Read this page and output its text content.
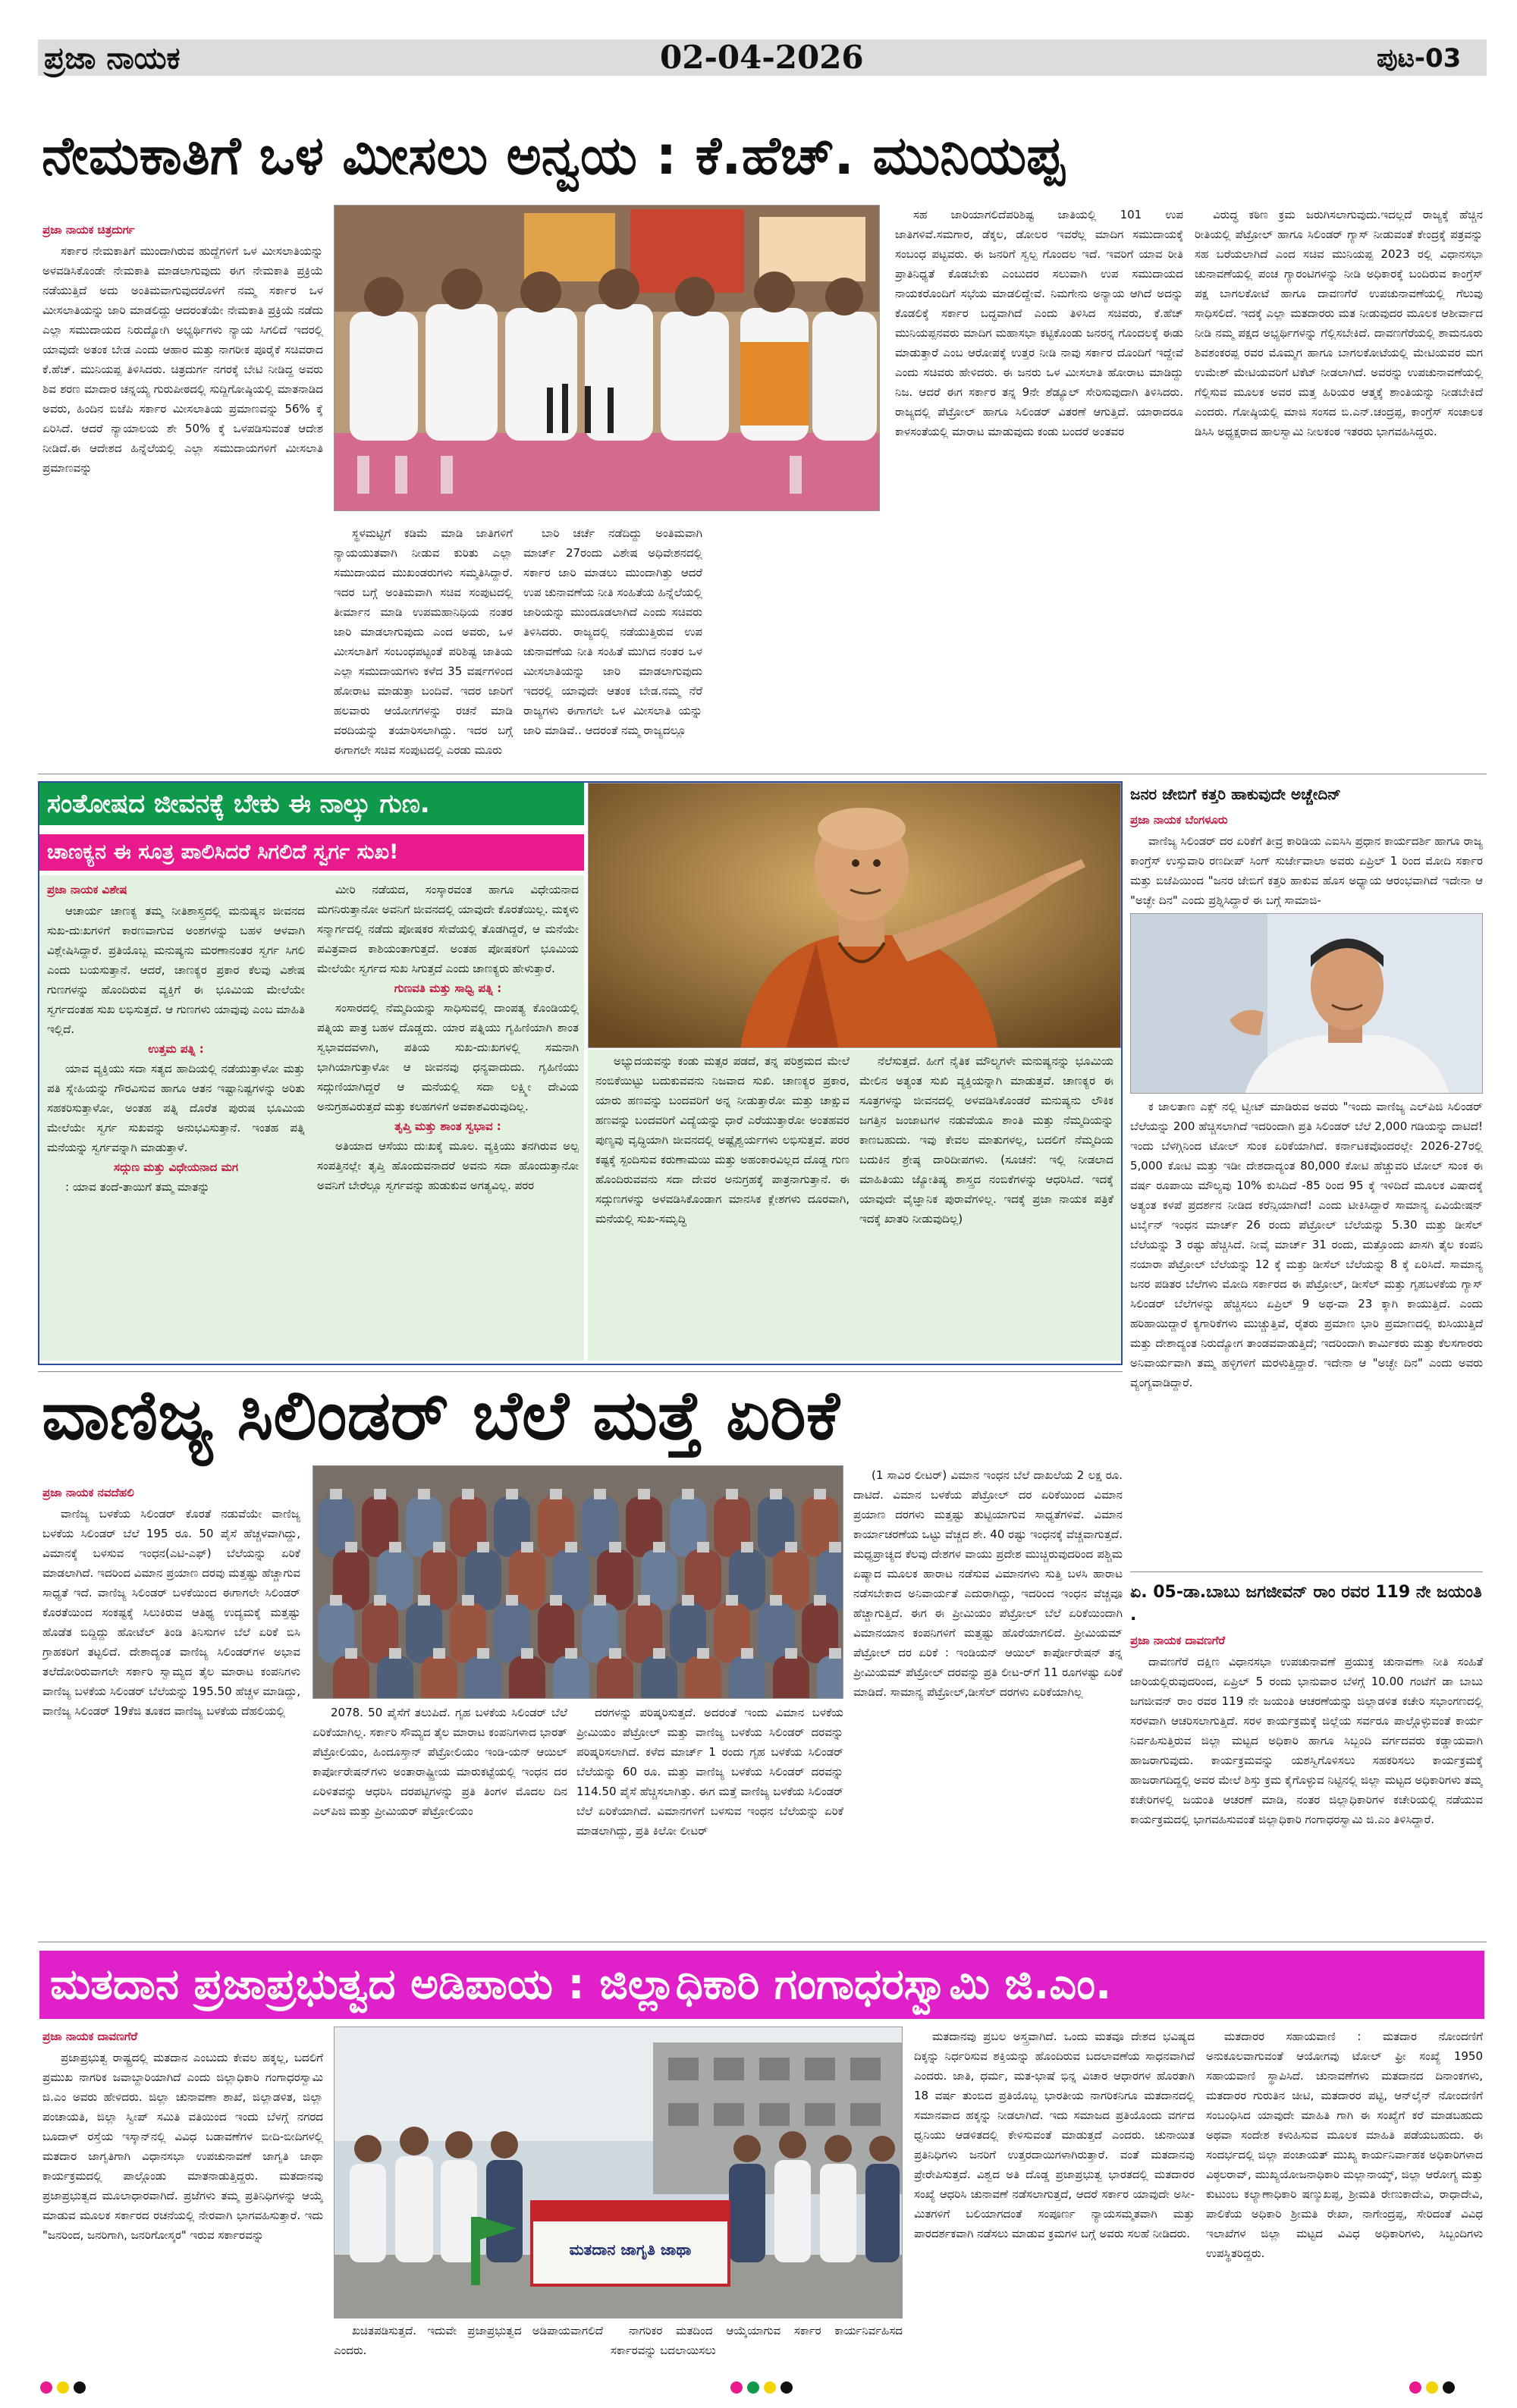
ಪ್ರಜಾ ನಾಯಕ	02-04-2026	ಪುಟ-03
ನೇಮಕಾತಿಗೆ ಒಳ ಮೀಸಲು ಅನ್ವಯ : ಕೆ.ಹೆಚ್. ಮುನಿಯಪ್ಪ
ಪ್ರಜಾ ನಾಯಕ ಚಿತ್ರದುರ್ಗ

ಸರ್ಕಾರ ನೇಮಕಾತಿಗೆ ಮುಂದಾಗಿರುವ ಹುದ್ದೆಗಳಿಗೆ ಒಳ ಮೀಸಲಾತಿಯನ್ನು ಅಳವಡಿಸಿಕೊಂಡೇ ನೇಮಕಾತಿ ಮಾಡಲಾಗುವುದು ಈಗ ನೇಮಕಾತಿ ಪ್ರಕ್ರಿಯೆ ನಡೆಯುತ್ತಿದೆ ಅದು ಅಂತಿಮವಾಗುವುದರೊಳಗೆ ನಮ್ಮ ಸರ್ಕಾರ ಒಳ ಮೀಸಲಾತಿಯನ್ನು ಜಾರಿ ಮಾಡಲಿದ್ದು ಆದರಂತೆಯೇ ನೇಮಕಾತಿ ಪ್ರಕ್ರಿಯೆ ನಡೆದು ಎಲ್ಲಾ ಸಮುದಾಯದ ನಿರುದ್ಯೋಗಿ ಅಭ್ಯರ್ಥಿಗಳು ನ್ಯಾಯ ಸಿಗಲಿದೆ ಇದರಲ್ಲಿ ಯಾವುದೇ ಅತಂಕ ಬೇಡ ಎಂದು ಆಹಾರ ಮತ್ತು ನಾಗರೀಕ ಪೂರೈಕೆ ಸಚಿವರಾದ ಕೆ.ಹೆಚ್. ಮುನಿಯಪ್ಪ ತಿಳಿಸಿದರು. ಚಿತ್ರದುರ್ಗ ನಗರಕ್ಕೆ ಬೇಟಿ ನೀಡಿದ್ದ ಅವರು ಶಿವ ಶರಣ ಮಾದಾರ ಚನ್ನಯ್ಯ ಗುರುಪೀಠದಲ್ಲಿ ಸುದ್ದಿಗೋಷ್ಠಿಯಲ್ಲಿ ಮಾತನಾಡಿದ ಅವರು, ಹಿಂದಿನ ಬಿಜೆಪಿ ಸರ್ಕಾರ ಮೀಸಲಾತಿಯ ಪ್ರಮಾಣವನ್ನು 56% ಕ್ಕೆ ಏರಿಸಿದೆ. ಆದರೆ ನ್ಯಾಯಾಲಯ ಶೇ 50% ಕ್ಕೆ ಒಳಪಡಿಸುವಂತೆ ಆದೇಶ ನೀಡಿದೆ.ಈ ಆದೇಶದ ಹಿನ್ನೆಲೆಯಲ್ಲಿ ಎಲ್ಲಾ ಸಮುದಾಯಗಳಿಗೆ ಮೀಸಲಾತಿ ಪ್ರಮಾಣವನ್ನು

ಸ್ಥಳಮಟ್ಟಿಗೆ ಕಡಿಮೆ ಮಾಡಿ ಜಾತಿಗಳಿಗೆ ನ್ಯಾಯಯುತವಾಗಿ ನೀಡುವ ಕುರಿತು ಎಲ್ಲಾ ಸಮುದಾಯದ ಮುಖಂಡರುಗಳು ಸಮ್ಮತಿಸಿದ್ದಾರೆ. ಇದರ ಬಗ್ಗೆ ಅಂತಿಮವಾಗಿ ಸಚಿವ ಸಂಪುಟದಲ್ಲಿ ತೀರ್ಮಾನ ಮಾಡಿ ಉಪಮಹಾನಿಧಿಯ ನಂತರ ಜಾರಿ ಮಾಡಲಾಗುವುದು ಎಂದ ಅವರು, ಒಳ ಮೀಸಲಾತಿಗೆ ಸಂಬಂಧಪಟ್ಟಂತೆ ಪರಿಶಿಷ್ಟ ಜಾತಿಯ ಎಲ್ಲಾ ಸಮುದಾಯಗಳು ಕಳೆದ 35 ವರ್ಷಗಳಿಂದ ಹೋರಾಟ ಮಾಡುತ್ತಾ ಬಂದಿವೆ. ಇದರ ಜಾರಿಗೆ ಹಲವಾರು ಆಯೋಗಗಳನ್ನು ರಚನೆ ಮಾಡಿ ವರದಿಯನ್ನು ತಯಾರಿಸಲಾಗಿದ್ದು. ಇದರ ಬಗ್ಗೆ ಈಗಾಗಲೇ ಸಚಿವ ಸಂಪುಟದಲ್ಲಿ ಎರಡು ಮೂರು

ಬಾರಿ ಚರ್ಚೆ ನಡೆದಿದ್ದು ಅಂತಿಮವಾಗಿ ಮಾರ್ಚ್ 27ರಂದು ವಿಶೇಷ ಅಧಿವೇಶನದಲ್ಲಿ ಸರ್ಕಾರ ಜಾರಿ ಮಾಡಲು ಮುಂದಾಗಿತ್ತು ಆದರೆ ಉಪ ಚುನಾವಣೆಯ ನೀತಿ ಸಂಹಿತೆಯ ಹಿನ್ನೆಲೆಯಲ್ಲಿ ಜಾರಿಯನ್ನು ಮುಂದೂಡಲಾಗಿದೆ ಎಂದು ಸಚಿವರು ತಿಳಿಸಿದರು. ರಾಜ್ಯದಲ್ಲಿ ನಡೆಯುತ್ತಿರುವ ಉಪ ಚುನಾವಣೆಯ ನೀತಿ ಸಂಹಿತೆ ಮುಗಿದ ನಂತರ ಒಳ ಮೀಸಲಾತಿಯನ್ನು ಜಾರಿ ಮಾಡಲಾಗುವುದು ಇದರಲ್ಲಿ ಯಾವುದೇ ಆತಂಕ ಬೇಡ.ನಮ್ಮ ನೆರೆ ರಾಜ್ಯಗಳು ಈಗಾಗಲೇ ಒಳ ಮೀಸಲಾತಿ ಯನ್ನು ಜಾರಿ ಮಾಡಿವೆ.. ಆದರಂತೆ ನಮ್ಮ ರಾಜ್ಯದಲ್ಲೂ

ಸಹ ಜಾರಿಯಾಗಲಿದೆಪರಿಶಿಷ್ಟ ಜಾತಿಯಲ್ಲಿ 101 ಉಪ ಜಾತಿಗಳಿವೆ.ಸಮಗಾರ, ಡೆಕ್ಕಲ, ಡೋಲರ ಇವರೆಲ್ಲ ಮಾದಿಗ ಸಮುದಾಯಕ್ಕೆ ಸಂಬಂಧ ಪಟ್ಟವರು. ಈ ಜನರಿಗೆ ಸ್ವಲ್ಪ ಗೊಂದಲ ಇದೆ. ಇವರಿಗೆ ಯಾವ ರೀತಿ ಪ್ರಾತಿನಿಧ್ಯತೆ ಕೊಡಬೇಕು ಎಂಬುದರ ಸಲುವಾಗಿ ಉಪ ಸಮುದಾಯದ ನಾಯಕರೊಂದಿಗೆ ಸಭೆಯ ಮಾಡಲಿದ್ದೇವೆ. ನಿಮಗೇನು ಅನ್ಯಾಯ ಆಗಿದೆ ಅದನ್ನು ಕೊಡಲಿಕ್ಕೆ ಸರ್ಕಾರ ಬದ್ಧವಾಗಿದೆ ಎಂದು ತಿಳಿಸಿದ ಸಚಿವರು, ಕೆ.ಹೆಚ್ ಮುನಿಯಪ್ಪನವರು ಮಾದಿಗ ಮಹಾಸಭಾ ಕಟ್ಟಿಕೊಂಡು ಜನರನ್ನ ಗೊಂದಲಕ್ಕೆ ಈಡು ಮಾಡುತ್ತಾರೆ ಎಂಬ ಆರೋಪಕ್ಕೆ ಉತ್ತರ ನೀಡಿ ನಾವು ಸರ್ಕಾರ ದೊಂದಿಗೆ ಇದ್ದೇವೆ ಎಂದು ಸಚಿವರು ಹೇಳಿದರು. ಈ ಜನರು ಒಳ ಮೀಸಲಾತಿ ಹೋರಾಟ ಮಾಡಿದ್ದು ನಿಜ. ಆದರೆ ಈಗ ಸರ್ಕಾರ ತನ್ನ 9ನೇ ಶೆಡ್ಯೂಲ್ ಸೇರಿಸುವುದಾಗಿ ತಿಳಿಸಿದರು. ರಾಜ್ಯದಲ್ಲಿ ಪೆಟ್ರೋಲ್ ಹಾಗೂ ಸಿಲಿಂಡರ್ ವಿತರಣೆ ಆಗುತ್ತಿದೆ. ಯಾರಾದರೂ ಕಾಳಸಂತೆಯಲ್ಲಿ ಮಾರಾಟ ಮಾಡುವುದು ಕಂಡು ಬಂದರೆ ಅಂತವರ

ವಿರುದ್ಧ ಕಠಿಣ ಕ್ರಮ ಜರುಗಿಸಲಾಗುವುದು.ಇದಲ್ಲದೆ ರಾಜ್ಯಕ್ಕೆ ಹೆಚ್ಚಿನ ರೀತಿಯಲ್ಲಿ ಪೆಟ್ರೋಲ್ ಹಾಗೂ ಸಿಲಿಂಡರ್ ಗ್ಯಾಸ್ ನೀಡುವಂತೆ ಕೇಂದ್ರಕ್ಕೆ ಪತ್ರವನ್ನು ಸಹ ಬರೆಯಲಾಗಿದೆ ಎಂದ ಸಚಿವ ಮುನಿಯಪ್ಪ 2023 ರಲ್ಲಿ ವಿಧಾನಸಭಾ ಚುನಾವಣೆಯಲ್ಲಿ ಪಂಚ ಗ್ಯಾರಂಟಿಗಳನ್ನು ನೀಡಿ ಅಧಿಕಾರಕ್ಕೆ ಬಂದಿರುವ ಕಾಂಗ್ರೆಸ್ ಪಕ್ಷ ಬಾಗಲಕೋಟೆ ಹಾಗೂ ದಾವಣಗೆರೆ ಉಪಚುನಾವಣೆಯಲ್ಲಿ ಗೆಲುವು ಸಾಧಿಸಲಿದೆ. ಇದಕ್ಕೆ ಎಲ್ಲಾ ಮತದಾರರು ಮತ ನೀಡುವುದರ ಮೂಲಕ ಆಶೀರ್ವಾದ ನೀಡಿ ನಮ್ಮ ಪಕ್ಷದ ಅಭ್ಯರ್ಥಿಗಳನ್ನು ಗೆಲ್ಲಿಸಬೇಕಿದೆ. ದಾವಣಗೆರೆಯಲ್ಲಿ ಶಾಮನೂರು ಶಿವಶಂಕರಪ್ಪ ರವರ ಮೊಮ್ಮಗ ಹಾಗೂ ಬಾಗಲಕೋಟೆಯಲ್ಲಿ ಮೇಟಿಯವರ ಮಗ ಉಮೇಶ್ ಮೇಟಿಯವರಿಗೆ ಟಿಕೆಟ್ ನೀಡಲಾಗಿದೆ. ಅವರನ್ನು ಉಪಚುನಾವಣೆಯಲ್ಲಿ ಗೆಲ್ಲಿಸುವ ಮೂಲಕ ಅವರ ಮತ್ತ ಹಿರಿಯರ ಆತ್ಮಕ್ಕೆ ಶಾಂತಿಯನ್ನು ನೀಡಬೇಕಿದೆ ಎಂದರು. ಗೋಷ್ಠಿಯಲ್ಲಿ ಮಾಜಿ ಸಂಸದ ಬಿ.ಎನ್.ಚಂದ್ರಪ್ಪ, ಕಾಂಗ್ರೆಸ್ ಸಂಚಾಲಕ ಡಿಸಿಸಿ ಅಧ್ಯಕ್ಷರಾದ ಹಾಲಸ್ವಾಮಿ ನೀಲಕಂಠ ಇತರರು ಭಾಗವಹಿಸಿದ್ದರು.

ಸಂತೋಷದ ಜೀವನಕ್ಕೆ ಬೇಕು ಈ ನಾಲ್ಕು ಗುಣ.
ಚಾಣಕ್ಯನ ಈ ಸೂತ್ರ ಪಾಲಿಸಿದರೆ ಸಿಗಲಿದೆ ಸ್ವರ್ಗ ಸುಖ!
ಪ್ರಜಾ ನಾಯಕ ವಿಶೇಷ

ಆಚಾರ್ಯ ಚಾಣಕ್ಯ ತಮ್ಮ ನೀತಿಶಾಸ್ತ್ರದಲ್ಲಿ ಮನುಷ್ಯನ ಜೀವನದ ಸುಖ-ದುಃಖಗಳಿಗೆ ಕಾರಣವಾಗುವ ಅಂಶಗಳನ್ನು ಬಹಳ ಆಳವಾಗಿ ವಿಶ್ಲೇಷಿಸಿದ್ದಾರೆ. ಪ್ರತಿಯೊಬ್ಬ ಮನುಷ್ಯನು ಮರಣಾನಂತರ ಸ್ವರ್ಗ ಸಿಗಲಿ ಎಂದು ಬಯಸುತ್ತಾನೆ. ಆದರೆ, ಚಾಣಕ್ಯರ ಪ್ರಕಾರ ಕೆಲವು ವಿಶೇಷ ಗುಣಗಳನ್ನು ಹೊಂದಿರುವ ವ್ಯಕ್ತಿಗೆ ಈ ಭೂಮಿಯ ಮೇಲೆಯೇ ಸ್ವರ್ಗದಂತಹ ಸುಖ ಲಭಿಸುತ್ತದೆ. ಆ ಗುಣಗಳು ಯಾವುವು ಎಂಬ ಮಾಹಿತಿ ಇಲ್ಲಿದೆ.

ಉತ್ತಮ ಪತ್ನಿ :

ಯಾವ ವ್ಯಕ್ತಿಯು ಸದಾ ಸತ್ಯದ ಹಾದಿಯಲ್ಲಿ ನಡೆಯುತ್ತಾಳೋ ಮತ್ತು ಪತಿ ಸ್ನೇಹಿಯನ್ನು ಗೌರವಿಸುವ ಹಾಗೂ ಆತನ ಇಷ್ಟಾನಿಷ್ಟಗಳನ್ನು ಅರಿತು ಸಹಕರಿಸುತ್ತಾಳೋ, ಅಂತಹ ಪತ್ನಿ ದೊರೆತ ಪುರುಷ ಭೂಮಿಯ ಮೇಲೆಯೇ ಸ್ವರ್ಗ ಸುಖವನ್ನು ಅನುಭವಿಸುತ್ತಾನೆ. ಇಂತಹ ಪತ್ನಿ ಮನೆಯನ್ನು ಸ್ವರ್ಗವನ್ನಾಗಿ ಮಾಡುತ್ತಾಳೆ.

ಸದ್ಗುಣ ಮತ್ತು ವಿಧೇಯನಾದ ಮಗ

: ಯಾವ ತಂದೆ-ತಾಯಿಗೆ ತಮ್ಮ ಮಾತನ್ನು

ಮೀರಿ ನಡೆಯದ, ಸಂಸ್ಕಾರವಂತ ಹಾಗೂ ವಿಧೇಯನಾದ ಮಗನಿರುತ್ತಾನೋ ಅವನಿಗೆ ಜೀವನದಲ್ಲಿ ಯಾವುದೇ ಕೊರತೆಯಿಲ್ಲ. ಮಕ್ಕಳು ಸನ್ಮಾರ್ಗದಲ್ಲಿ ನಡೆದು ಪೋಷಕರ ಸೇವೆಯಲ್ಲಿ ತೊಡಗಿದ್ದರೆ, ಆ ಮನೆಯೇ ಪವಿತ್ರವಾದ ಕಾಶಿಯಂತಾಗುತ್ತದೆ. ಅಂತಹ ಪೋಷಕರಿಗೆ ಭೂಮಿಯ ಮೇಲೆಯೇ ಸ್ವರ್ಗದ ಸುಖ ಸಿಗುತ್ತದೆ ಎಂದು ಚಾಣಕ್ಯರು ಹೇಳುತ್ತಾರೆ.

ಗುಣವತಿ ಮತ್ತು ಸಾಧ್ವಿ ಪತ್ನಿ :

ಸಂಸಾರದಲ್ಲಿ ನೆಮ್ಮದಿಯನ್ನು ಸಾಧಿಸುವಲ್ಲಿ ದಾಂಪತ್ಯ ಕೊಂಡಿಯಲ್ಲಿ ಪತ್ನಿಯ ಪಾತ್ರ ಬಹಳ ದೊಡ್ಡದು. ಯಾರ ಪತ್ನಿಯು ಗೃಹಿಣಿಯಾಗಿ ಶಾಂತ ಸ್ವಭಾವದವಳಾಗಿ, ಪತಿಯ ಸುಖ-ದುಃಖಗಳಲ್ಲಿ ಸಮನಾಗಿ ಭಾಗಿಯಾಗುತ್ತಾಳೋ ಆ ಜೀವನವು ಧನ್ಯವಾದುದು. ಗೃಹಿಣಿಯು ಸದ್ಗುಣಿಯಾಗಿದ್ದರೆ ಆ ಮನೆಯಲ್ಲಿ ಸದಾ ಲಕ್ಷ್ಮೀ ದೇವಿಯ ಅನುಗ್ರಹವಿರುತ್ತದೆ ಮತ್ತು ಕಲಹಗಳಿಗೆ ಅವಕಾಶವಿರುವುದಿಲ್ಲ.

ತೃಪ್ತಿ ಮತ್ತು ಶಾಂತ ಸ್ವಭಾವ :

ಅತಿಯಾದ ಆಸೆಯು ದುಃಖಕ್ಕೆ ಮೂಲ. ವ್ಯಕ್ತಿಯು ತನಗಿರುವ ಅಲ್ಪ ಸಂಪತ್ತಿನಲ್ಲೇ ತೃಪ್ತಿ ಹೊಂದುವನಾದರೆ ಅವನು ಸದಾ ಹೊಂದುತ್ತಾನೋ ಅವನಿಗೆ ಬೇರೆಲ್ಲೂ ಸ್ವರ್ಗವನ್ನು ಹುಡುಕುವ ಅಗತ್ಯವಿಲ್ಲ. ಪರರ

ಅಭ್ಯುದಯವನ್ನು ಕಂಡು ಮತ್ಸರ ಪಡದೆ, ತನ್ನ ಪರಿಶ್ರಮದ ಮೇಲೆ ನಂಬಿಕೆಯಿಟ್ಟು ಬದುಕುವವನು ನಿಜವಾದ ಸುಖಿ. ಚಾಣಕ್ಯರ ಪ್ರಕಾರ, ಯಾರು ಹಣವನ್ನು ಬಂದವರಿಗೆ ಅನ್ನ ನೀಡುತ್ತಾರೋ ಮತ್ತು ಚಾಕ್ಷುವ ಹಣವನ್ನು ಬಂದವರಿಗೆ ವಿದ್ಯೆಯನ್ನು ಧಾರೆ ಎರೆಯುತ್ತಾರೋ ಅಂತಹವರ ಪುಣ್ಯವು ವೃದ್ಧಿಯಾಗಿ ಜೀವನದಲ್ಲಿ ಅಷ್ಟೈಶ್ವರ್ಯಗಳು ಲಭಿಸುತ್ತವೆ. ಪರರ ಕಷ್ಟಕ್ಕೆ ಸ್ಪಂದಿಸುವ ಕರುಣಾಮಯಿ ಮತ್ತು ಅಹಂಕಾರವಿಲ್ಲದ ದೊಡ್ಡ ಗುಣ ಹೊಂದಿರುವವನು ಸದಾ ದೇವರ ಅನುಗ್ರಹಕ್ಕೆ ಪಾತ್ರನಾಗುತ್ತಾನೆ. ಈ ಸದ್ಗುಣಗಳನ್ನು ಅಳವಡಿಸಿಕೊಂಡಾಗ ಮಾನಸಿಕ ಕ್ಲೇಶಗಳು ದೂರವಾಗಿ, ಮನೆಯಲ್ಲಿ ಸುಖ-ಸಮೃದ್ಧಿ

ನೆಲೆಸುತ್ತದೆ. ಹೀಗೆ ನೈತಿಕ ಮೌಲ್ಯಗಳೇ ಮನುಷ್ಯನನ್ನು ಭೂಮಿಯ ಮೇಲಿನ ಅತ್ಯಂತ ಸುಖಿ ವ್ಯಕ್ತಿಯನ್ನಾಗಿ ಮಾಡುತ್ತವೆ. ಚಾಣಕ್ಯರ ಈ ಸೂತ್ರಗಳನ್ನು ಜೀವನದಲ್ಲಿ ಅಳವಡಿಸಿಕೊಂಡರೆ ಮನುಷ್ಯನು ಲೌಕಿಕ ಜಗತ್ತಿನ ಜಂಜಾಟಗಳ ನಡುವೆಯೂ ಶಾಂತಿ ಮತ್ತು ನೆಮ್ಮದಿಯನ್ನು ಕಾಣಬಹುದು. ಇವು ಕೇವಲ ಮಾತುಗಳಲ್ಲ, ಬದಲಿಗೆ ನೆಮ್ಮದಿಯ ಬದುಕಿನ ಶ್ರೇಷ್ಠ ದಾರಿದೀಪಗಳು. (ಸೂಚನೆ: ಇಲ್ಲಿ ನೀಡಲಾದ ಮಾಹಿತಿಯು ಜ್ಯೋತಿಷ್ಯ ಶಾಸ್ತ್ರದ ನಂಬಿಕೆಗಳನ್ನು ಆಧರಿಸಿದೆ. ಇದಕ್ಕೆ ಯಾವುದೇ ವೈಜ್ಞಾನಿಕ ಪುರಾವೆಗಳಿಲ್ಲ. ಇದಕ್ಕೆ ಪ್ರಜಾ ನಾಯಕ ಪತ್ರಿಕೆ ಇದಕ್ಕೆ ಖಾತರಿ ನೀಡುವುದಿಲ್ಲ)

ಜನರ ಜೇಬಿಗೆ ಕತ್ತರಿ ಹಾಕುವುದೇ ಅಚ್ಚೇದಿನ್
ಪ್ರಜಾ ನಾಯಕ ಬೆಂಗಳೂರು

ವಾಣಿಜ್ಯ ಸಿಲಿಂಡರ್ ದರ ಏರಿಕೆಗೆ ತೀವ್ರ ಕಾರಿಡಿಯ ಎಐಸಿಸಿ ಪ್ರಧಾನ ಕಾರ್ಯದರ್ಶಿ ಹಾಗೂ ರಾಜ್ಯ ಕಾಂಗ್ರೆಸ್ ಉಸ್ತುವಾರಿ ರಣದೀಪ್ ಸಿಂಗ್ ಸುರ್ಜೇವಾಲಾ ಅವರು ಏಪ್ರಿಲ್ 1 ರಿಂದ ಮೋದಿ ಸರ್ಕಾರ ಮತ್ತು ಬಿಜೆಪಿಯಿಂದ "ಜನರ ಜೇಬಿಗೆ ಕತ್ತರಿ ಹಾಕುವ ಹೊಸ ಅಧ್ಯಾಯ ಆರಂಭವಾಗಿದೆ ಇದೇನಾ ಆ "ಅಚ್ಛೇ ದಿನ" ಎಂದು ಪ್ರಶ್ನಿಸಿದ್ದಾರೆ ಈ ಬಗ್ಗೆ ಸಾಮಾಜಿ-

ಕ ಜಾಲತಾಣ ಎಕ್ಸ್ ನಲ್ಲಿ ಟ್ವೀಟ್ ಮಾಡಿರುವ ಅವರು "ಇಂದು ವಾಣಿಜ್ಯ ಎಲ್‌ಪಿಜಿ ಸಿಲಿಂಡರ್ ಬೆಲೆಯನ್ನು 200 ಹೆಚ್ಚಿಸಲಾಗಿದೆ ಇದರಿಂದಾಗಿ ಪ್ರತಿ ಸಿಲಿಂಡರ್ ಬೆಲೆ 2,000 ಗಡಿಯನ್ನು ದಾಟಿದೆ! ಇಂದು ಬೆಳಗ್ಗಿನಿಂದ ಟೋಲ್ ಸುಂಕ ಏರಿಕೆಯಾಗಿದೆ. ಕರ್ನಾಟಕವೊಂದರಲ್ಲೇ 2026-27ರಲ್ಲಿ 5,000 ಕೋಟಿ ಮತ್ತು ಇಡೀ ದೇಶದಾದ್ಯಂತ 80,000 ಕೋಟಿ ಹೆಚ್ಚುವರಿ ಟೋಲ್ ಸುಂಕ ಈ ವರ್ಷ ರೂಪಾಯಿ ಮೌಲ್ಯವು 10% ಕುಸಿದಿದೆ -85 ರಿಂದ 95 ಕ್ಕೆ ಇಳಿದಿದೆ ಮೂಲಕ ವಿಷಾದಕ್ಕೆ ಅತ್ಯಂತ ಕಳಪೆ ಪ್ರದರ್ಶನ ನೀಡಿದ ಕರೆನ್ಸಿಯಾಗಿದೆ! ಎಂದು ಟೀಕಿಸಿದ್ದಾರೆ ಸಾಮಾನ್ಯ ಏವಿಯೇಷನ್ ಟರ್ಬೈನ್ ಇಂಧನ ಮಾರ್ಚ್ 26 ರಂದು ಪೆಟ್ರೋಲ್ ಬೆಲೆಯನ್ನು 5.30 ಮತ್ತು ಡೀಸೆಲ್ ಬೆಲೆಯನ್ನು 3 ರಷ್ಟು ಹೆಚ್ಚಿಸಿದೆ. ನೀವೈ ಮಾರ್ಚ್ 31 ರಂದು, ಮತ್ತೊಂದು ಖಾಸಗಿ ತೈಲ ಕಂಪನಿ ನಯಾರಾ ಪೆಟ್ರೋಲ್ ಬೆಲೆಯನ್ನು 12 ಕ್ಕೆ ಮತ್ತು ಡೀಸೆಲ್ ಬೆಲೆಯನ್ನು 8 ಕ್ಕೆ ಏರಿಸಿದೆ. ಸಾಮಾನ್ಯ ಜನರ ಪಡಿತರ ಬೆಲೆಗಳು ಮೋದಿ ಸರ್ಕಾರದ ಈ ಪೆಟ್ರೋಲ್, ಡೀಸೆಲ್ ಮತ್ತು ಗೃಹಬಳಕೆಯ ಗ್ಯಾಸ್ ಸಿಲಿಂಡರ್ ಬೆಲೆಗಳನ್ನು ಹೆಚ್ಚಿಸಲು ಏಪ್ರಿಲ್ 9 ಅಥ-ವಾ 23 ಕ್ಕಾಗಿ ಕಾಯುತ್ತಿದೆ. ಎಂದು ಹರಿಹಾಯಿದ್ದಾರೆ ಕ್ಯಗಾರಿಕೆಗಳು ಮುಚ್ಚುತ್ತಿವೆ, ರೈತರು ಪ್ರಮಾಣ ಭಾರಿ ಪ್ರಮಾಣದಲ್ಲಿ ಕುಸಿಯುತ್ತಿದೆ ಮತ್ತು ದೇಶಾದ್ಯಂತ ನಿರುದ್ಯೋಗ ತಾಂಡವವಾಡುತ್ತಿದೆ; ಇದರಿಂದಾಗಿ ಕಾರ್ಮಿಕರು ಮತ್ತು ಕೆಲಸಗಾರರು ಅನಿವಾರ್ಯವಾಗಿ ತಮ್ಮ ಹಳ್ಳಿಗಳಿಗೆ ಮರಳುತ್ತಿದ್ದಾರೆ. ಇದೇನಾ ಆ "ಅಚ್ಛೇ ದಿನ" ಎಂದು ಅವರು ವ್ಯಂಗ್ಯವಾಡಿದ್ದಾರೆ.

ವಾಣಿಜ್ಯ ಸಿಲಿಂಡರ್ ಬೆಲೆ ಮತ್ತೆ ಏರಿಕೆ
ಪ್ರಜಾ ನಾಯಕ ನವದೆಹಲಿ

ವಾಣಿಜ್ಯ ಬಳಕೆಯ ಸಿಲಿಂಡರ್ ಕೊರತೆ ನಡುವೆಯೇ ವಾಣಿಜ್ಯ ಬಳಕೆಯ ಸಿಲಿಂಡರ್ ಬೆಲೆ 195 ರೂ. 50 ಪೈಸೆ ಹೆಚ್ಚಳವಾಗಿದ್ದು, ವಿಮಾನಕ್ಕೆ ಬಳಸುವ ಇಂಧನ(ಎಟಿ-ಎಫ್) ಬೆಲೆಯನ್ನು ಏರಿಕೆ ಮಾಡಲಾಗಿದೆ. ಇದರಿಂದ ವಿಮಾನ ಪ್ರಯಾಣ ದರವು ಮತ್ತಷ್ಟು ಹೆಚ್ಚಾಗುವ ಸಾಧ್ಯತೆ ಇದೆ. ವಾಣಿಜ್ಯ ಸಿಲಿಂಡರ್ ಬಳಕೆಯಿಂದ ಈಗಾಗಲೇ ಸಿಲಿಂಡರ್ ಕೊರತೆಯಿಂದ ಸಂಕಷ್ಟಕ್ಕೆ ಸಿಲುಕಿರುವ ಆತಿಥ್ಯ ಉದ್ಯಮಕ್ಕೆ ಮತ್ತಷ್ಟು ಹೊಡೆತ ಬಿದ್ದಿದ್ದು ಹೋಟೆಲ್ ತಿಂಡಿ ತಿನಿಸುಗಳ ಬೆಲೆ ಏರಿಕೆ ಬಿಸಿ ಗ್ರಾಹಕರಿಗೆ ತಟ್ಟಲಿದೆ. ದೇಶಾದ್ಯಂತ ವಾಣಿಜ್ಯ ಸಿಲಿಂಡರ್‌ಗಳ ಅಭಾವ ತಲೆದೋರಿರುವಾಗಲೇ ಸರ್ಕಾರಿ ಸ್ವಾಮ್ಯದ ತೈಲ ಮಾರಾಟ ಕಂಪನಿಗಳು ವಾಣಿಜ್ಯ ಬಳಕೆಯ ಸಿಲಿಂಡರ್ ಬೆಲೆಯನ್ನು 195.50 ಹೆಚ್ಚಳ ಮಾಡಿದ್ದು, ವಾಣಿಜ್ಯ ಸಿಲಿಂಡರ್ 19ಕೆಜಿ ತೂಕದ ವಾಣಿಜ್ಯ ಬಳಕೆಯ ದೆಹಲಿಯಲ್ಲಿ	2078. 50 ಪೈಸೆಗೆ ತಲುಪಿದೆ. ಗೃಹ ಬಳಕೆಯ ಸಿಲಿಂಡರ್ ಬೆಲೆ ಏರಿಕೆಯಾಗಿಲ್ಲ. ಸರ್ಕಾರಿ ಸೌಮ್ಯದ ತೈಲ ಮಾರಾಟ ಕಂಪನಿಗಳಾದ ಭಾರತ್ ಪೆಟ್ರೋಲಿಯಂ, ಹಿಂದೂಸ್ತಾನ್ ಪೆಟ್ರೋಲಿಯಂ ಇಂಡಿ-ಯನ್ ಆಯಿಲ್ ಕಾರ್ಪೋರೇಷನ್‌ಗಳು ಅಂತಾರಾಷ್ಟ್ರೀಯ ಮಾರುಕಟ್ಟೆಯಲ್ಲಿ ಇಂಧನ ದರ ಏರಿಳಿತವನ್ನು ಆಧರಿಸಿ ದರಪಟ್ಟಿಗಳನ್ನು ಪ್ರತಿ ತಿಂಗಳ ಮೊದಲ ದಿನ ಎಲ್‌ಪಿಜಿ ಮತ್ತು ಪ್ರೀಮಿಯರ್ ಪೆಟ್ರೋಲಿಯಂ

ದರಗಳನ್ನು ಪರಿಷ್ಕರಿಸುತ್ತದೆ. ಅದರಂತೆ ಇಂದು ವಿಮಾನ ಬಳಕೆಯ ಪ್ರೀಮಿಯಂ ಪೆಟ್ರೋಲ್ ಮತ್ತು ವಾಣಿಜ್ಯ ಬಳಕೆಯ ಸಿಲಿಂಡರ್ ದರವನ್ನು ಪರಿಷ್ಕರಿಸಲಾಗಿದೆ. ಕಳೆದ ಮಾರ್ಚ್ 1 ರಂದು ಗೃಹ ಬಳಕೆಯ ಸಿಲಿಂಡರ್ ಬೆಲೆಯನ್ನು 60 ರೂ. ಮತ್ತು ವಾಣಿಜ್ಯ ಬಳಕೆಯ ಸಿಲಿಂಡರ್ ದರವನ್ನು 114.50 ಪೈಸೆ ಹೆಚ್ಚಿಸಲಾಗಿತ್ತು. ಈಗ ಮತ್ತೆ ವಾಣಿಜ್ಯ ಬಳಕೆಯ ಸಿಲಿಂಡರ್ ಬೆಲೆ ಏರಿಕೆಯಾಗಿದೆ. ವಿಮಾನಗಳಿಗೆ ಬಳಸುವ ಇಂಧನ ಬೆಲೆಯನ್ನು ಏರಿಕೆ ಮಾಡಲಾಗಿದ್ದು, ಪ್ರತಿ ಕಿಲೋ ಲೀಟರ್

(1 ಸಾವಿರ ಲೀಟರ್) ವಿಮಾನ ಇಂಧನ ಬೆಲೆ ದಾಖಲೆಯ 2 ಲಕ್ಷ ರೂ. ದಾಟಿದೆ. ವಿಮಾನ ಬಳಕೆಯ ಪೆಟ್ರೋಲ್ ದರ ಏರಿಕೆಯಿಂದ ವಿಮಾನ ಪ್ರಯಾಣ ದರಗಳು ಮತ್ತಷ್ಟು ತುಟ್ಟಿಯಾಗುವ ಸಾಧ್ಯತೆಗಳಿವೆ. ವಿಮಾನ ಕಾರ್ಯಾಚರಣೆಯ ಒಟ್ಟು ವೆಚ್ಚದ ಶೇ. 40 ರಷ್ಟು ಇಂಧನಕ್ಕೆ ವೆಚ್ಚವಾಗುತ್ತದೆ. ಮಧ್ಯಪ್ರಾಚ್ಯದ ಕೆಲವು ದೇಶಗಳ ವಾಯು ಪ್ರದೇಶ ಮುಚ್ಚಿರುವುದರಿಂದ ಪಶ್ಚಿಮ ಏಷ್ಯಾದ ಮೂಲಕ ಹಾರಾಟ ನಡೆಸುವ ವಿಮಾನಗಳು ಸುತ್ತಿ ಬಳಸಿ ಹಾರಾಟ ನಡೆಸಬೇಕಾದ ಅನಿವಾರ್ಯತೆ ಎದುರಾಗಿದ್ದು, ಇದರಿಂದ ಇಂಧನ ವೆಚ್ಚವೂ ಹೆಚ್ಚಾಗುತ್ತಿದೆ. ಈಗ ಈ ಪ್ರೀಮಿಯಂ ಪೆಟ್ರೋಲ್ ಬೆಲೆ ಏರಿಕೆಯಿಂದಾಗಿ ವಿಮಾನಯಾನ ಕಂಪನಿಗಳಿಗೆ ಮತ್ತಷ್ಟು ಹೊರೆಯಾಗಲಿದೆ. ಪ್ರೀಮಿಯಮ್ ಪೆಟ್ರೋಲ್ ದರ ಏರಿಕೆ : ಇಂಡಿಯನ್ ಆಯಿಲ್ ಕಾರ್ಪೋರೇಷನ್ ತನ್ನ ಪ್ರೀಮಿಯಮ್ ಪೆಟ್ರೋಲ್ ದರವನ್ನು ಪ್ರತಿ ಲೀಟ-ರ್‌ಗೆ 11 ರೂಗಳಷ್ಟು ಏರಿಕೆ ಮಾಡಿದೆ. ಸಾಮಾನ್ಯ ಪೆಟ್ರೋಲ್,ಡೀಸೆಲ್ ದರಗಳು ಏರಿಕೆಯಾಗಿಲ್ಲ

ಏ. 05-ಡಾ.ಬಾಬು ಜಗಜೀವನ್ ರಾಂ ರವರ 119 ನೇ ಜಯಂತಿ .
ಪ್ರಜಾ ನಾಯಕ ದಾವಣಗೆರೆ

ದಾವಣಗೆರೆ ದಕ್ಷಿಣ ವಿಧಾನಸಭಾ ಉಪಚುನಾವಣೆ ಪ್ರಯುಕ್ತ ಚುನಾವಣಾ ನೀತಿ ಸಂಹಿತೆ ಜಾರಿಯಲ್ಲಿರುವುದರಿಂದ, ಏಪ್ರಿಲ್ 5 ರಂದು ಭಾನುವಾರ ಬೆಳಗ್ಗೆ 10.00 ಗಂಟೆಗೆ ಡಾ ಬಾಬು ಜಗಜೀವನ್ ರಾಂ ರವರ 119 ನೇ ಜಯಂತಿ ಆಚರಣೆಯನ್ನು ಜಿಲ್ಲಾಡಳಿತ ಕಚೇರಿ ಸಭಾಂಗಣದಲ್ಲಿ ಸರಳವಾಗಿ ಆಚರಿಸಲಾಗುತ್ತಿದೆ. ಸರಳ ಕಾರ್ಯಕ್ರಮಕ್ಕೆ ಜಿಲ್ಲೆಯ ಸರ್ವರೂ ಪಾಲ್ಗೊಳ್ಳುವಂತೆ ಕಾರ್ಯ ನಿರ್ವಹಿಸುತ್ತಿರುವ ಜಿಲ್ಲಾ ಮಟ್ಟದ ಅಧಿಕಾರಿ ಹಾಗೂ ಸಿಬ್ಬಂದಿ ವರ್ಗದವರು ಕಡ್ಡಾಯವಾಗಿ ಹಾಜರಾಗುವುದು. ಕಾರ್ಯಕ್ರಮವನ್ನು ಯಶಸ್ವಿಗೊಳಿಸಲು ಸಹಕರಿಸಲು ಕಾರ್ಯಕ್ರಮಕ್ಕೆ ಹಾಜರಾಗದಿದ್ದಲ್ಲಿ ಅವರ ಮೇಲೆ ಶಿಸ್ತು ಕ್ರಮ ಕೈಗೊಳ್ಳುವ ನಿಟ್ಟಿನಲ್ಲಿ ಜಿಲ್ಲಾ ಮಟ್ಟದ ಅಧಿಕಾರಿಗಳು ತಮ್ಮ ಕಚೇರಿಗಳಲ್ಲಿ ಜಯಂತಿ ಆಚರಣೆ ಮಾಡಿ, ನಂತರ ಜಿಲ್ಲಾಧಿಕಾರಿಗಳ ಕಚೇರಿಯಲ್ಲಿ ನಡೆಯುವ ಕಾರ್ಯಕ್ರಮದಲ್ಲಿ ಭಾಗವಹಿಸುವಂತೆ ಜಿಲ್ಲಾಧಿಕಾರಿ ಗಂಗಾಧರಸ್ವಾಮಿ ಜಿ.ಎಂ ತಿಳಿಸಿದ್ದಾರೆ.

ಮತದಾನ ಪ್ರಜಾಪ್ರಭುತ್ವದ ಅಡಿಪಾಯ : ಜಿಲ್ಲಾಧಿಕಾರಿ ಗಂಗಾಧರಸ್ವಾಮಿ ಜಿ.ಎಂ.
ಪ್ರಜಾ ನಾಯಕ ದಾವಣಗೆರೆ

ಪ್ರಜಾಪ್ರಭುತ್ವ ರಾಷ್ಟ್ರದಲ್ಲಿ ಮತದಾನ ಎಂಬುದು ಕೇವಲ ಹಕ್ಕಲ್ಲ, ಬದಲಿಗೆ ಪ್ರಮುಖ ನಾಗರಿಕ ಜವಾಬ್ದಾರಿಯಾಗಿದೆ ಎಂದು ಜಿಲ್ಲಾಧಿಕಾರಿ ಗಂಗಾಧರಸ್ವಾಮಿ ಜಿ.ಎಂ ಅವರು ಹೇಳಿದರು. ಜಿಲ್ಲಾ ಚುನಾವಣಾ ಶಾಖೆ, ಜಿಲ್ಲಾಡಳಿತ, ಜಿಲ್ಲಾ ಪಂಚಾಯತಿ, ಜಿಲ್ಲಾ ಸ್ವೀಪ್ ಸಮಿತಿ ವತಿಯಿಂದ ಇಂದು ಬೆಳಗ್ಗೆ ನಗರದ ಬೂದಾಳ್ ರಸ್ತೆಯ ಇಸ್ಕಾನ್‌ನಲ್ಲಿ ವಿವಿಧ ಬಡಾವಣೆಗಳ ಬೀದಿ-ಬೀದಿಗಳಲ್ಲಿ ಮತದಾರ ಜಾಗೃತಿಗಾಗಿ ವಿಧಾನಸಭಾ ಉಪಚುನಾವಣೆ ಜಾಗೃತಿ ಜಾಥಾ ಕಾರ್ಯಕ್ರಮದಲ್ಲಿ ಪಾಲ್ಗೊಂಡು ಮಾತನಾಡುತ್ತಿದ್ದರು. ಮತದಾನವು ಪ್ರಜಾಪ್ರಭುತ್ವದ ಮೂಲಾಧಾರವಾಗಿದೆ. ಪ್ರಜೆಗಳು ತಮ್ಮ ಪ್ರತಿನಿಧಿಗಳನ್ನು ಆಯ್ಕೆ ಮಾಡುವ ಮೂಲಕ ಸರ್ಕಾರದ ರಚನೆಯಲ್ಲಿ ನೇರವಾಗಿ ಭಾಗವಹಿಸುತ್ತಾರೆ. ಇದು "ಜನರಿಂದ, ಜನರಿಗಾಗಿ, ಜನರಿಗೋಸ್ಕರ" ಇರುವ ಸರ್ಕಾರವನ್ನು

ಮತದಾನ ಜಾಗೃತಿ ಜಾಥಾ

ಖಚಿತಪಡಿಸುತ್ತದೆ. ಇದುವೇ ಪ್ರಜಾಪ್ರಭುತ್ವದ ಅಡಿಪಾಯವಾಗಲಿದೆ ಎಂದರು.

ನಾಗರಿಕರ ಮತದಿಂದ ಆಯ್ಕೆಯಾಗುವ ಸರ್ಕಾರ ಕಾರ್ಯನಿರ್ವಹಿಸದ ಸರ್ಕಾರವನ್ನು ಬದಲಾಯಿಸಲು

ಮತದಾನವು ಪ್ರಬಲ ಅಸ್ತ್ರವಾಗಿದೆ. ಒಂದು ಮತವೂ ದೇಶದ ಭವಿಷ್ಯದ ದಿಕ್ಕನ್ನು ನಿರ್ಧರಿಸುವ ಶಕ್ತಿಯನ್ನು ಹೊಂದಿರುವ ಬದಲಾವಣೆಯ ಸಾಧನವಾಗಿದೆ ಎಂದರು. ಜಾತಿ, ಧರ್ಮ, ಮತ-ಭಾಷೆ ಭಿನ್ನ ವಿಚಾರ ಆಧಾರಗಳ ಹೊರತಾಗಿ 18 ವರ್ಷ ತುಂಬಿದ ಪ್ರತಿಯೊಬ್ಬ ಭಾರತೀಯ ನಾಗರಿಕನಿಗೂ ಮತದಾನದಲ್ಲಿ ಸಮಾನವಾದ ಹಕ್ಕನ್ನು ನೀಡಲಾಗಿದೆ. ಇದು ಸಮಾಜದ ಪ್ರತಿಯೊಂದು ವರ್ಗದ ಧ್ವನಿಯು ಆಡಳಿತದಲ್ಲಿ ಕೇಳಿಸುವಂತೆ ಮಾಡುತ್ತದೆ ಎಂದರು. ಚುನಾಯಿತ ಪ್ರತಿನಿಧಿಗಳು ಜನರಿಗೆ ಉತ್ತರದಾಯಿಗಳಾಗಿರುತ್ತಾರೆ. ವಂತೆ ಮತದಾನವು ಪ್ರೇರೇಪಿಸುತ್ತದೆ. ವಿಶ್ವದ ಅತಿ ದೊಡ್ಡ ಪ್ರಜಾಪ್ರಭುತ್ವ ಭಾರತದಲ್ಲಿ ಮತದಾರರ ಸಂಖ್ಯೆ ಆಧರಿಸಿ ಚುನಾವಣೆ ನಡೆಸಲಾಗುತ್ತದೆ, ಆದರೆ ಸರ್ಕಾರ ಯಾವುದೇ ಅಸೀ-ಮಿತಗಳಿಗೆ ಬಲಿಯಾಗದಂತೆ ಸಂಪೂರ್ಣ ನ್ಯಾಯಸಮ್ಮತವಾಗಿ ಮತ್ತು ಪಾರದರ್ಶಕವಾಗಿ ನಡೆಸಲು ಮಾಡುವ ಕ್ರಮಗಳ ಬಗ್ಗೆ ಅವರು ಸಲಹೆ ನೀಡಿದರು.

ಮತದಾರರ ಸಹಾಯವಾಣಿ : ಮತದಾರ ನೋಂದಣಿಗೆ ಅನುಕೂಲವಾಗುವಂತೆ ಆಯೋಗವು ಟೋಲ್ ಫ್ರೀ ಸಂಖ್ಯೆ 1950 ಸಹಾಯವಾಣಿ ಸ್ಥಾಪಿಸಿದೆ. ಚುನಾವಣೆಗಳು ಮತದಾನದ ದಿನಾಂಕಗಳು, ಮತದಾರರ ಗುರುತಿನ ಚೀಟಿ, ಮತದಾರರ ಪಟ್ಟಿ, ಆನ್‌ಲೈನ್ ನೋಂದಣಿಗೆ ಸಂಬಂಧಿಸಿದ ಯಾವುದೇ ಮಾಹಿತಿ ಗಾಗಿ ಈ ಸಂಖ್ಯೆಗೆ ಕರೆ ಮಾಡಬಹುದು ಅಥವಾ ಸಂದೇಶ ಕಳುಹಿಸುವ ಮೂಲಕ ಮಾಹಿತಿ ಪಡೆಯಬಹುದು. ಈ ಸಂದರ್ಭದಲ್ಲಿ ಜಿಲ್ಲಾ ಪಂಚಾಯತ್ ಮುಖ್ಯ ಕಾರ್ಯನಿರ್ವಾಹಕ ಅಧಿಕಾರಿಗಳಾದ ವಿಠ್ಠಲರಾವ್, ಮುಖ್ಯಯೋಜನಾಧಿಕಾರಿ ಮಲ್ಲಾನಾಯ್ಕ್, ಜಿಲ್ಲಾ ಆರೋಗ್ಯ ಮತ್ತು ಕುಟುಂಬ ಕಲ್ಯಾಣಾಧಿಕಾರಿ ಷಣ್ಮುಖಪ್ಪ, ಶ್ರೀಮತಿ ರೇಣುಕಾದೇವಿ, ರಾಧಾದೇವಿ, ಪಾಲಿಕೆಯ ಅಧಿಕಾರಿ ಶ್ರೀಮತಿ ರೇಖಾ, ನಾಗೇಂದ್ರಪ್ಪ, ಸೇರಿದಂತೆ ವಿವಿಧ ಇಲಾಖೆಗಳ ಜಿಲ್ಲಾ ಮಟ್ಟದ ವಿವಿಧ ಅಧಿಕಾರಿಗಳು, ಸಿಬ್ಬಂದಿಗಳು ಉಪಸ್ಥಿತರಿದ್ದರು.
